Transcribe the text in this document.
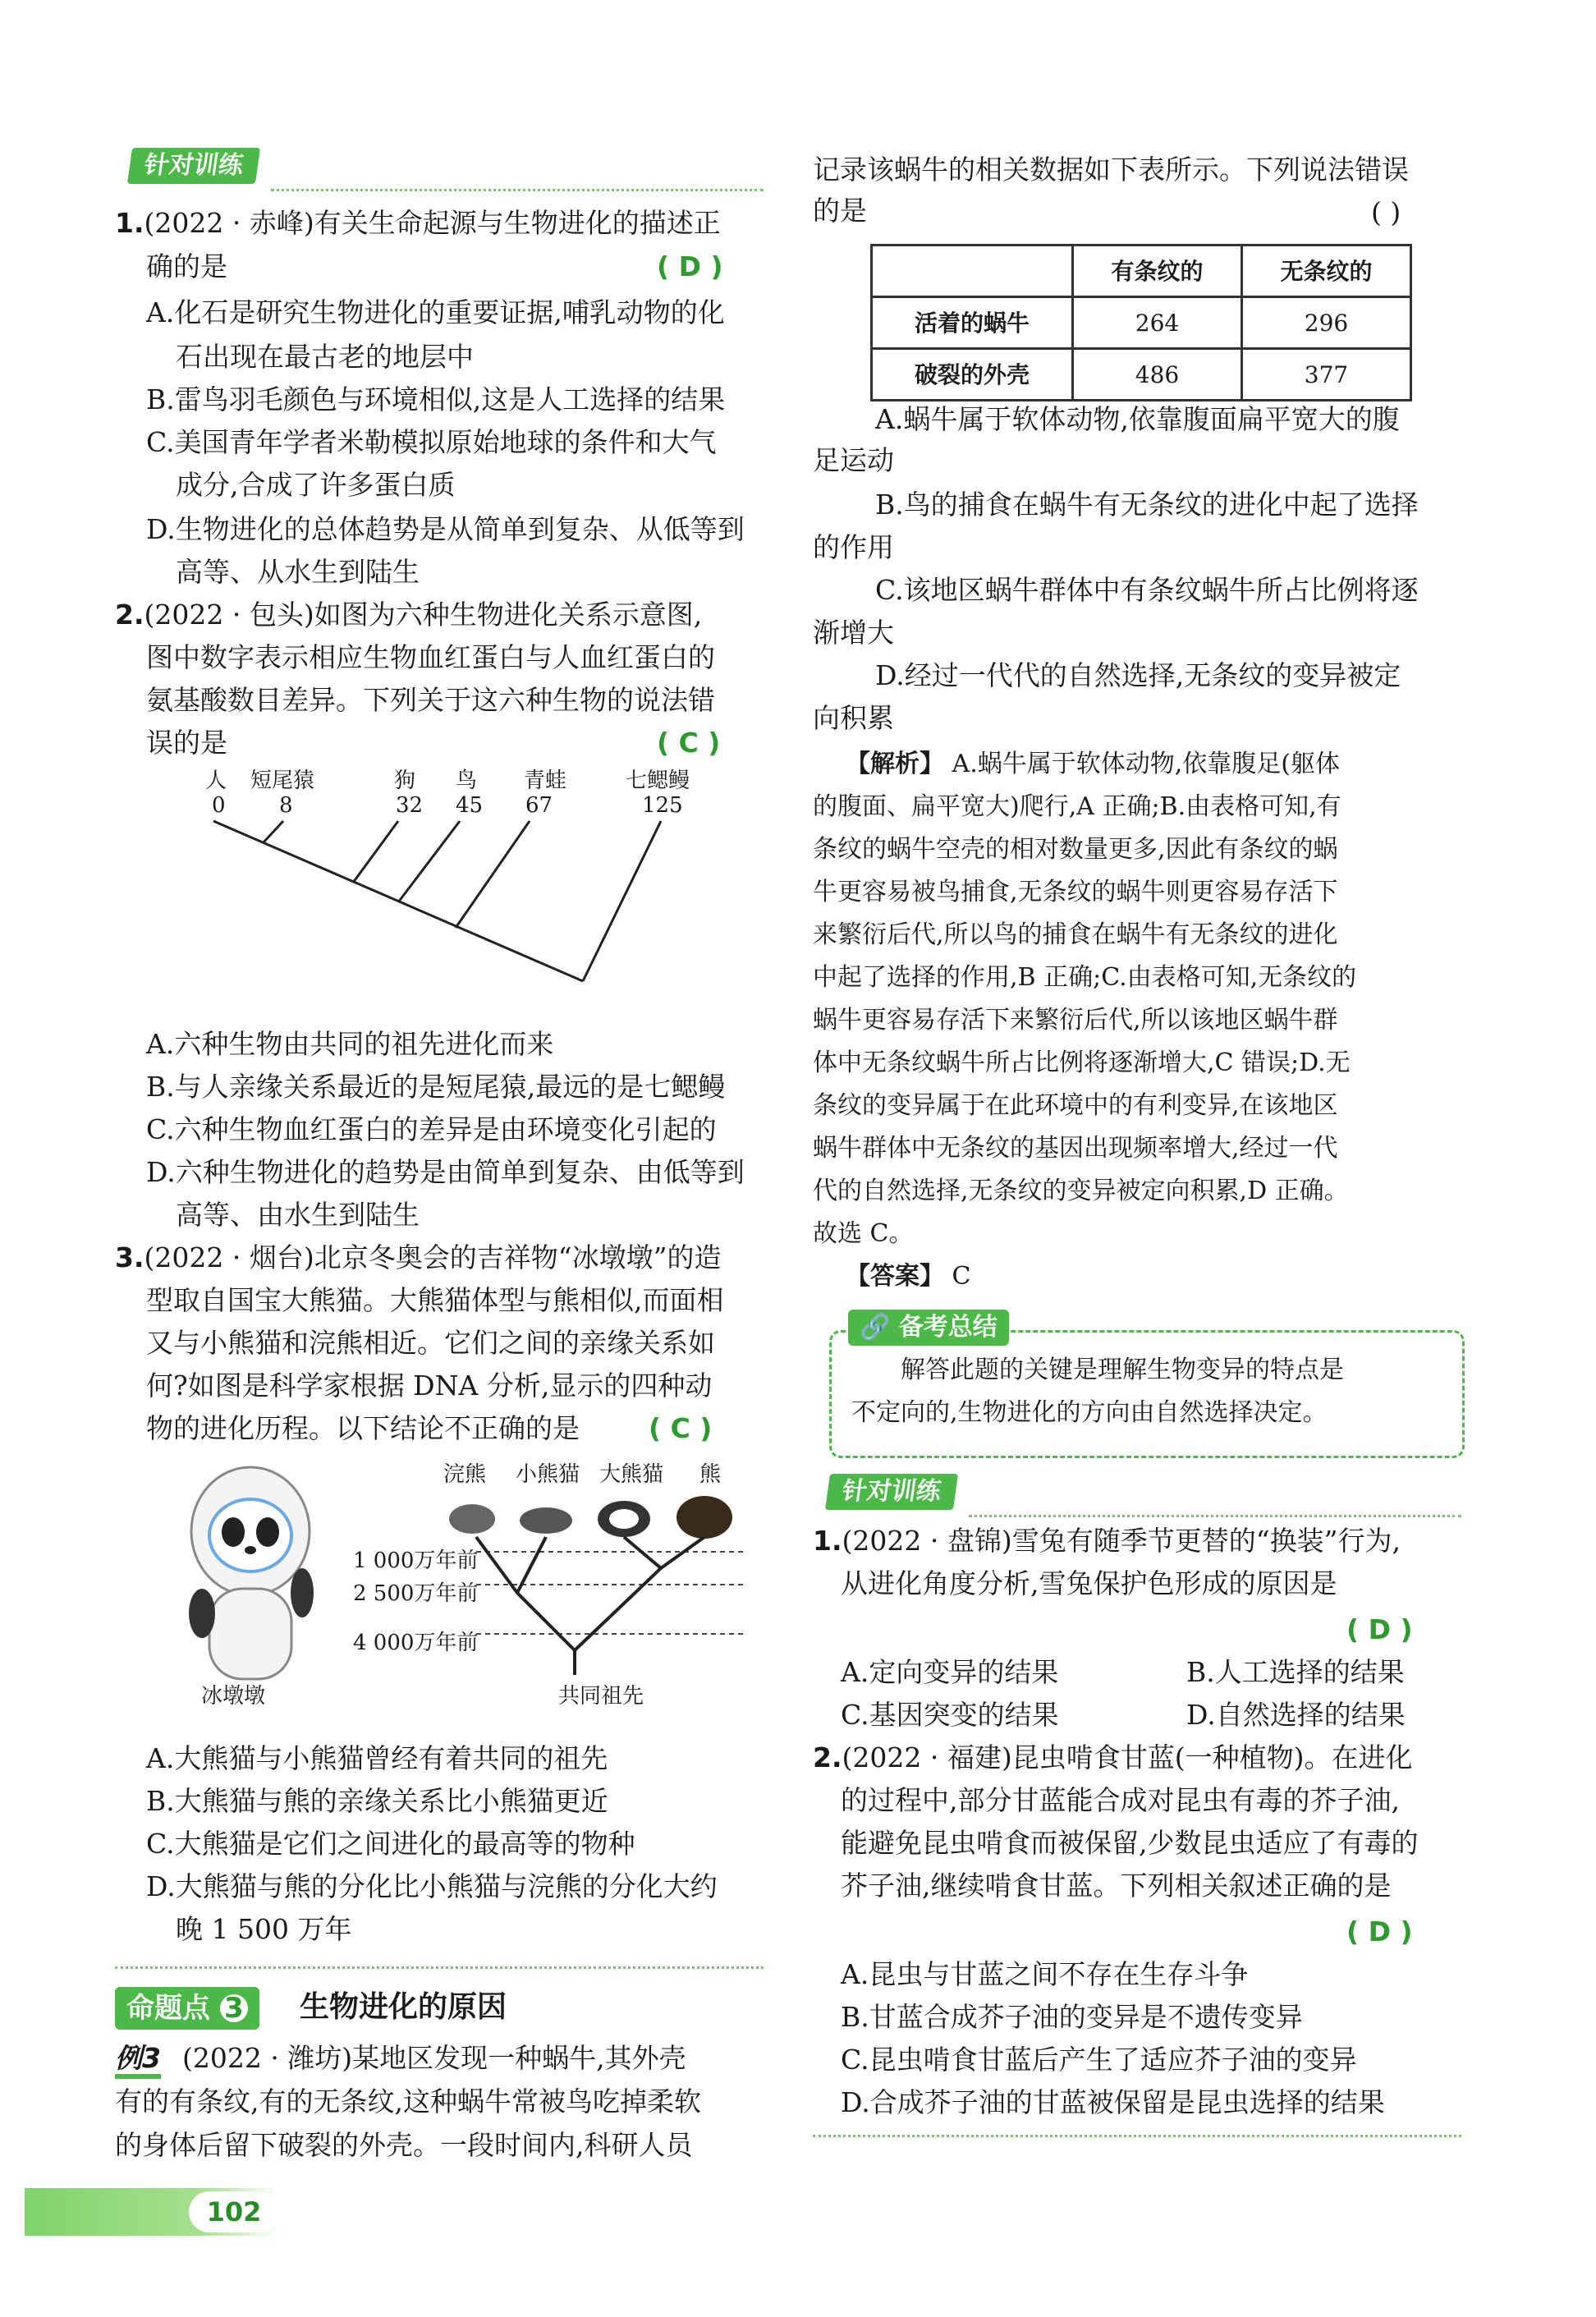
针对训练
1.(2022 · 赤峰)有关生命起源与生物进化的描述正
确的是	( D )
A.化石是研究生物进化的重要证据,哺乳动物的化
石出现在最古老的地层中
B.雷鸟羽毛颜色与环境相似,这是人工选择的结果
C.美国青年学者米勒模拟原始地球的条件和大气
成分,合成了许多蛋白质
D.生物进化的总体趋势是从简单到复杂、从低等到
高等、从水生到陆生
2.(2022 · 包头)如图为六种生物进化关系示意图,
图中数字表示相应生物血红蛋白与人血红蛋白的
氨基酸数目差异。下列关于这六种生物的说法错
误的是	( C )
人 短尾猿	狗 鸟 青蛙	七鳃鳗
0	8	32 45 67	125
A.六种生物由共同的祖先进化而来
B.与人亲缘关系最近的是短尾猿,最远的是七鳃鳗
C.六种生物血红蛋白的差异是由环境变化引起的
D.六种生物进化的趋势是由简单到复杂、由低等到
高等、由水生到陆生
3.(2022 · 烟台)北京冬奥会的吉祥物“冰墩墩”的造
型取自国宝大熊猫。大熊猫体型与熊相似,而面相
又与小熊猫和浣熊相近。它们之间的亲缘关系如
何?如图是科学家根据 DNA 分析,显示的四种动
物的进化历程。以下结论不正确的是	( C )
冰墩墩
浣熊 小熊猫 大熊猫 熊
1 000万年前
2 500万年前
4 000万年前
共同祖先
A.大熊猫与小熊猫曾经有着共同的祖先
B.大熊猫与熊的亲缘关系比小熊猫更近
C.大熊猫是它们之间进化的最高等的物种
D.大熊猫与熊的分化比小熊猫与浣熊的分化大约
晚 1 500 万年
命题点 3	生物进化的原因
例3 (2022 · 潍坊)某地区发现一种蜗牛,其外壳
有的有条纹,有的无条纹,这种蜗牛常被鸟吃掉柔软
的身体后留下破裂的外壳。一段时间内,科研人员
记录该蜗牛的相关数据如下表所示。下列说法错误
的是	( )
	有条纹的	无条纹的
活着的蜗牛	264	296
破裂的外壳	486	377
A.蜗牛属于软体动物,依靠腹面扁平宽大的腹
足运动
B.鸟的捕食在蜗牛有无条纹的进化中起了选择
的作用
C.该地区蜗牛群体中有条纹蜗牛所占比例将逐
渐增大
D.经过一代代的自然选择,无条纹的变异被定
向积累
【解析】 A.蜗牛属于软体动物,依靠腹足(躯体
的腹面、扁平宽大)爬行,A 正确;B.由表格可知,有
条纹的蜗牛空壳的相对数量更多,因此有条纹的蜗
牛更容易被鸟捕食,无条纹的蜗牛则更容易存活下
来繁衍后代,所以鸟的捕食在蜗牛有无条纹的进化
中起了选择的作用,B 正确;C.由表格可知,无条纹的
蜗牛更容易存活下来繁衍后代,所以该地区蜗牛群
体中无条纹蜗牛所占比例将逐渐增大,C 错误;D.无
条纹的变异属于在此环境中的有利变异,在该地区
蜗牛群体中无条纹的基因出现频率增大,经过一代
代的自然选择,无条纹的变异被定向积累,D 正确。
故选 C。
【答案】 C
🔗 备考总结
解答此题的关键是理解生物变异的特点是
不定向的,生物进化的方向由自然选择决定。
针对训练
1.(2022 · 盘锦)雪兔有随季节更替的“换装”行为,
从进化角度分析,雪兔保护色形成的原因是
( D )
A.定向变异的结果	B.人工选择的结果
C.基因突变的结果	D.自然选择的结果
2.(2022 · 福建)昆虫啃食甘蓝(一种植物)。在进化
的过程中,部分甘蓝能合成对昆虫有毒的芥子油,
能避免昆虫啃食而被保留,少数昆虫适应了有毒的
芥子油,继续啃食甘蓝。下列相关叙述正确的是
( D )
A.昆虫与甘蓝之间不存在生存斗争
B.甘蓝合成芥子油的变异是不遗传变异
C.昆虫啃食甘蓝后产生了适应芥子油的变异
D.合成芥子油的甘蓝被保留是昆虫选择的结果
102
